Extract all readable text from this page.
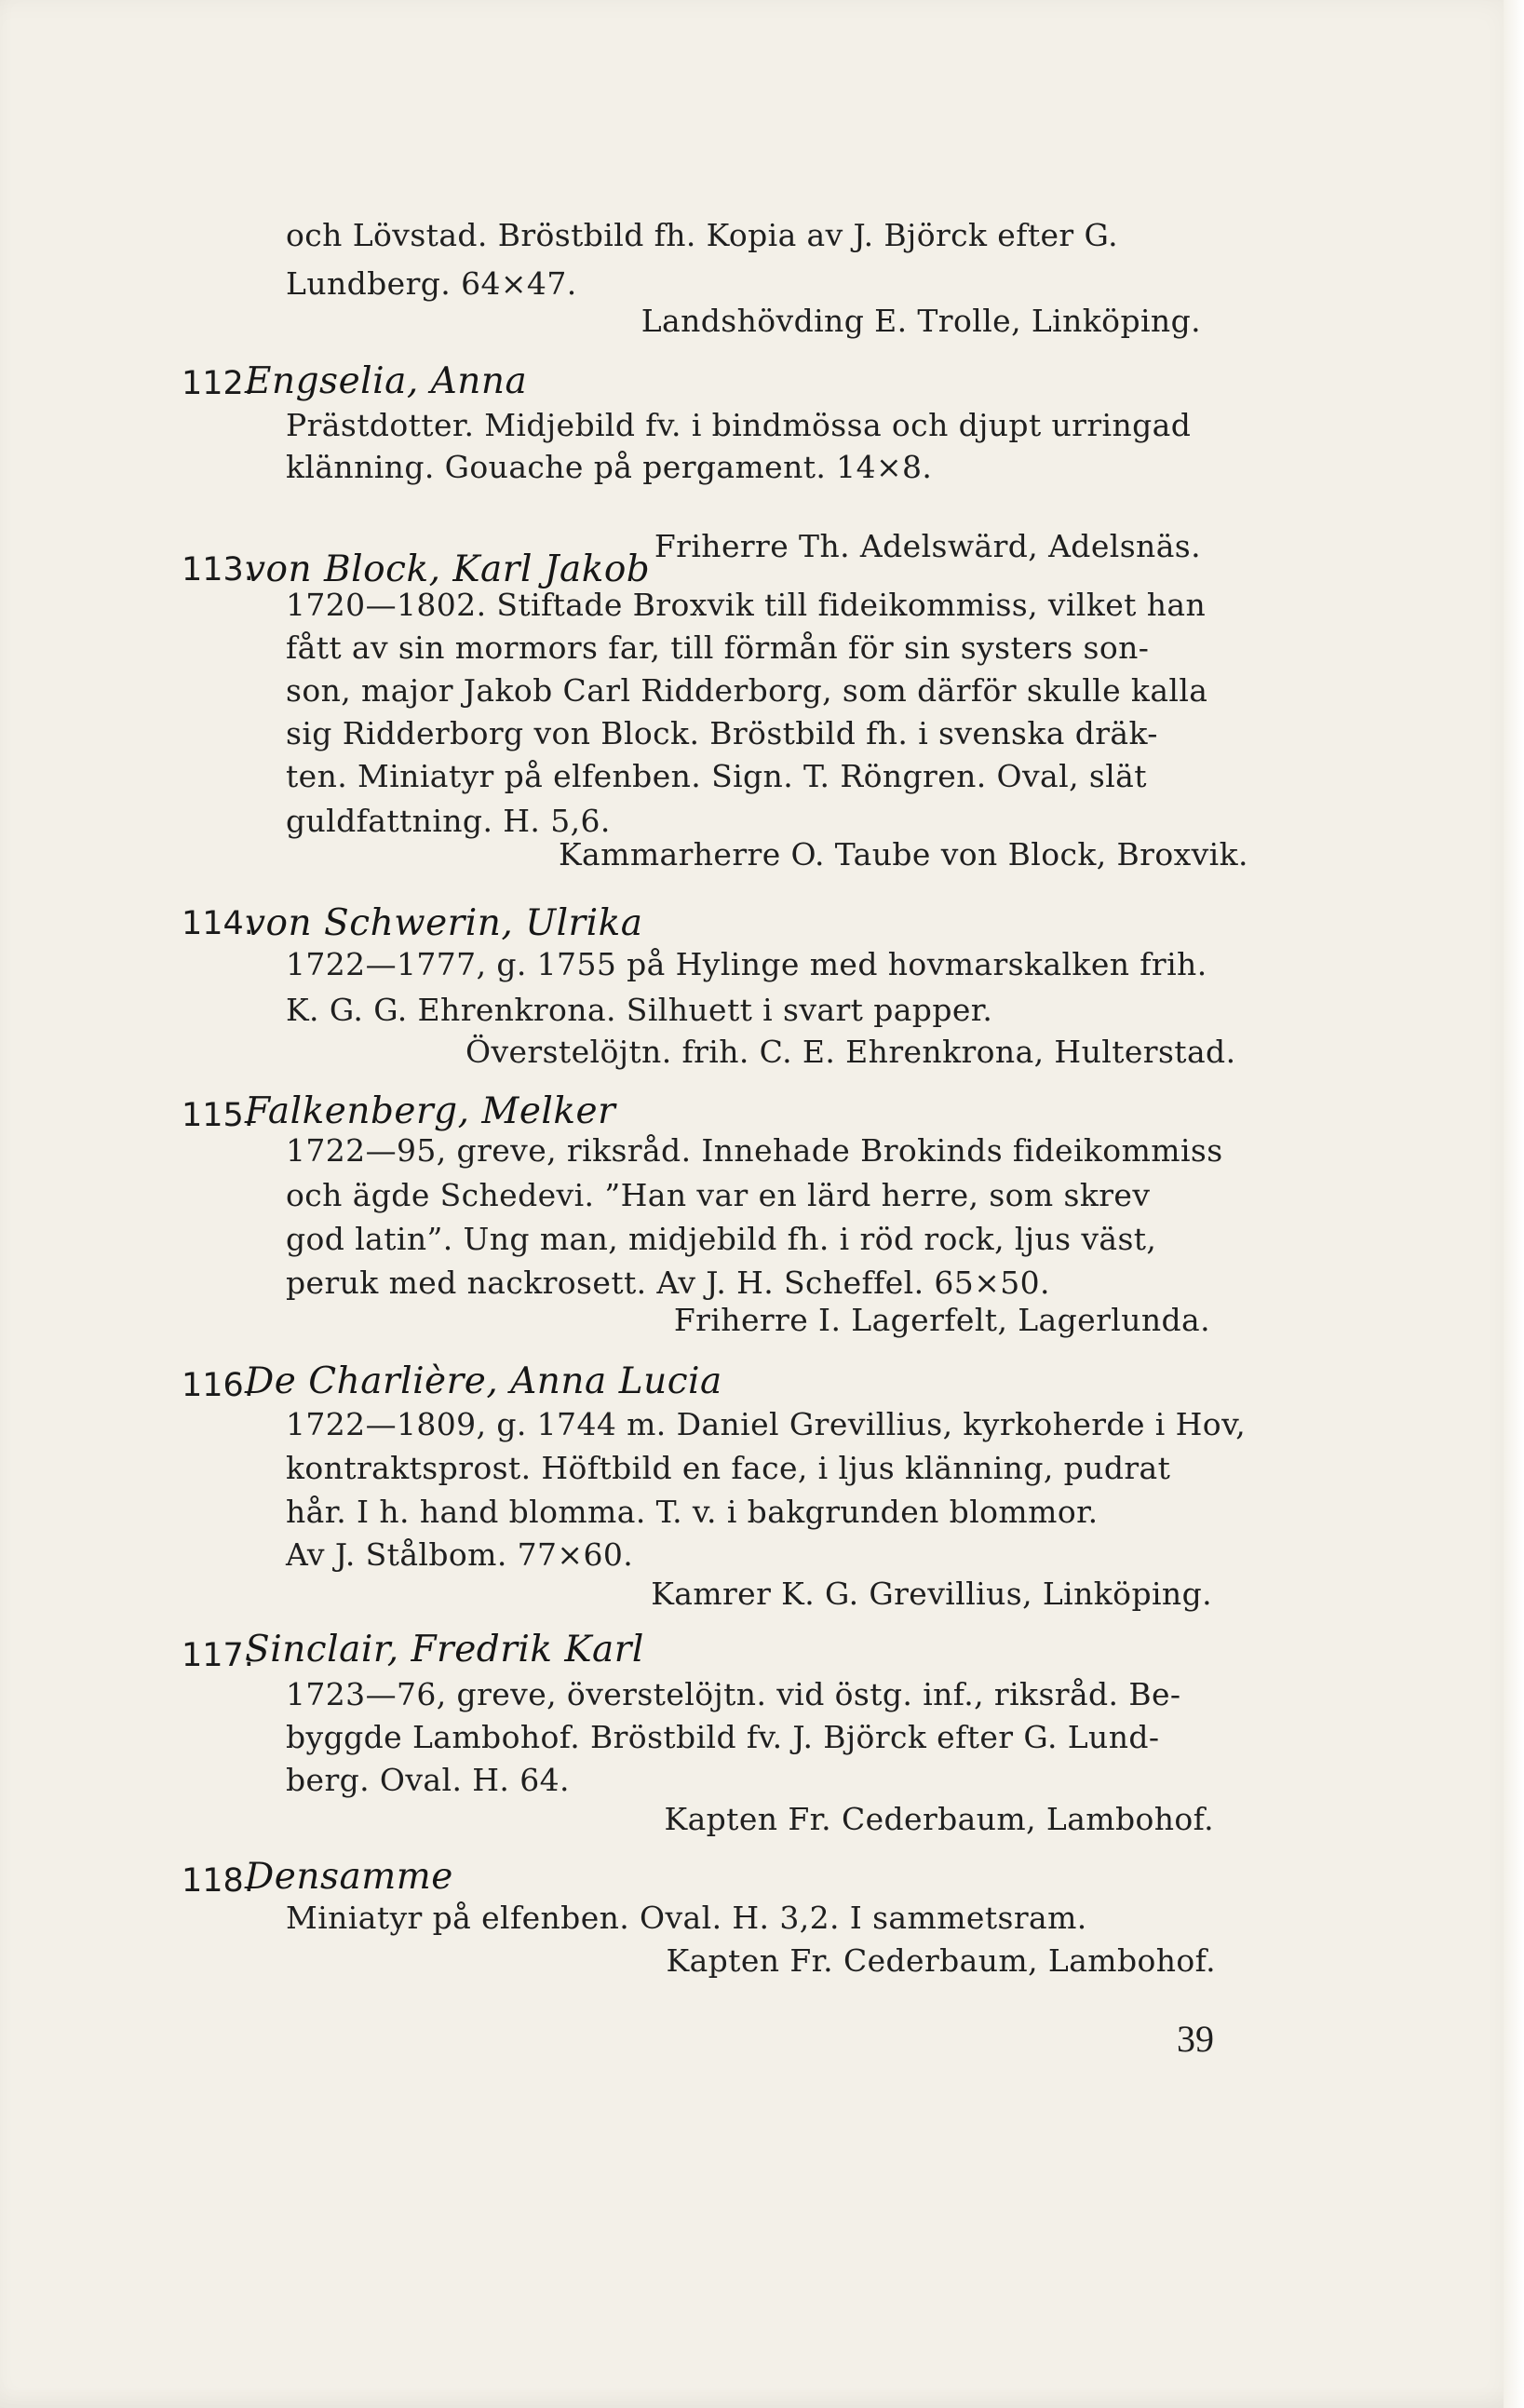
och Lövstad. Bröstbild fh. Kopia av J. Björck efter G.
Lundberg. 64×47.
Landshövding E. Trolle, Linköping.
112.
Engselia, Anna
Prästdotter. Midjebild fv. i bindmössa och djupt urringad
klänning. Gouache på pergament. 14×8.
Friherre Th. Adelswärd, Adelsnäs.
113.
von Block, Karl Jakob
1720—1802. Stiftade Broxvik till fideikommiss, vilket han
fått av sin mormors far, till förmån för sin systers son-
son, major Jakob Carl Ridderborg, som därför skulle kalla
sig Ridderborg von Block. Bröstbild fh. i svenska dräk-
ten. Miniatyr på elfenben. Sign. T. Röngren. Oval, slät
guldfattning. H. 5,6.
Kammarherre O. Taube von Block, Broxvik.
114.
von Schwerin, Ulrika
1722—1777, g. 1755 på Hylinge med hovmarskalken frih.
K. G. G. Ehrenkrona. Silhuett i svart papper.
Överstelöjtn. frih. C. E. Ehrenkrona, Hulterstad.
115.
Falkenberg, Melker
1722—95, greve, riksråd. Innehade Brokinds fideikommiss
och ägde Schedevi. ”Han var en lärd herre, som skrev
god latin”. Ung man, midjebild fh. i röd rock, ljus väst,
peruk med nackrosett. Av J. H. Scheffel. 65×50.
Friherre I. Lagerfelt, Lagerlunda.
116.
De Charlière, Anna Lucia
1722—1809, g. 1744 m. Daniel Grevillius, kyrkoherde i Hov,
kontraktsprost. Höftbild en face, i ljus klänning, pudrat
hår. I h. hand blomma. T. v. i bakgrunden blommor.
Av J. Stålbom. 77×60.
Kamrer K. G. Grevillius, Linköping.
117.
Sinclair, Fredrik Karl
1723—76, greve, överstelöjtn. vid östg. inf., riksråd. Be-
byggde Lambohof. Bröstbild fv. J. Björck efter G. Lund-
berg. Oval. H. 64.
Kapten Fr. Cederbaum, Lambohof.
118.
Densamme
Miniatyr på elfenben. Oval. H. 3,2. I sammetsram.
Kapten Fr. Cederbaum, Lambohof.
39
